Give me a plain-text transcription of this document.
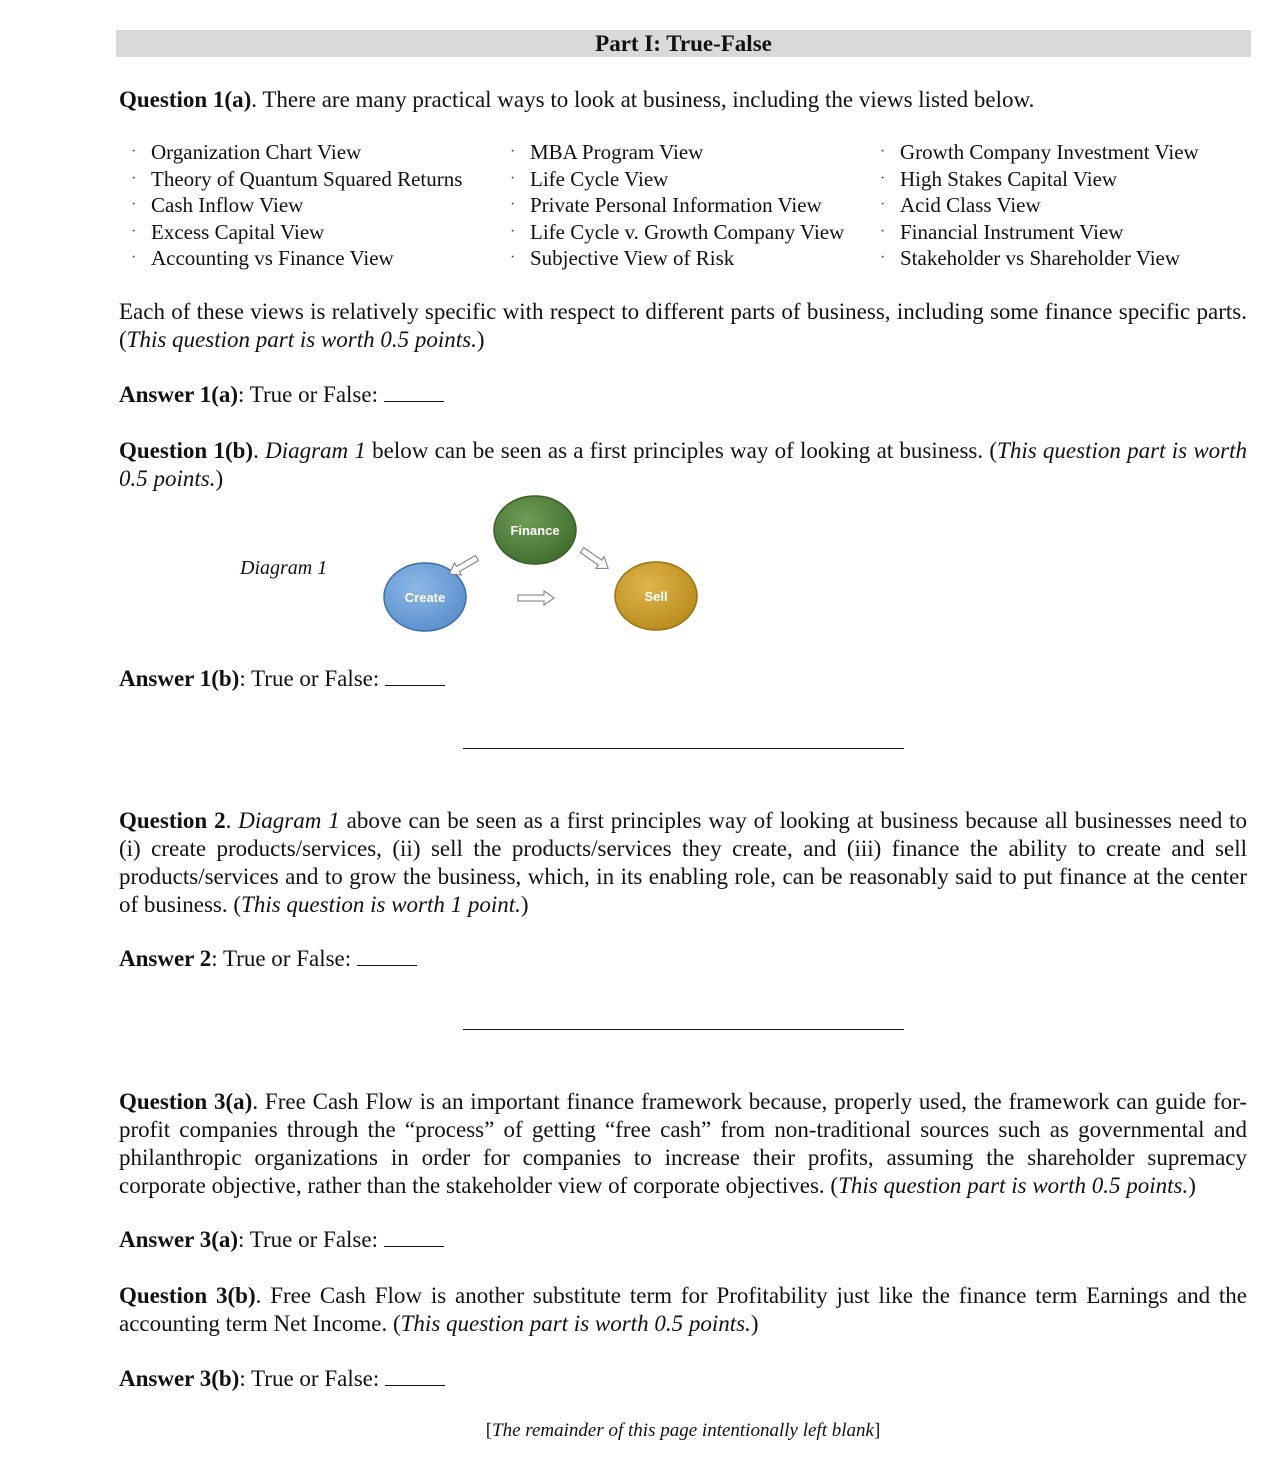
Part I: True-False
Question 1(a). There are many practical ways to look at business, including the views listed below.
· Organization Chart View
· Theory of Quantum Squared Returns
· Cash Inflow View
· Excess Capital View
· Accounting vs Finance View
· MBA Program View
· Life Cycle View
· Private Personal Information View
· Life Cycle v. Growth Company View
· Subjective View of Risk
· Growth Company Investment View
· High Stakes Capital View
· Acid Class View
· Financial Instrument View
· Stakeholder vs Shareholder View
Each of these views is relatively specific with respect to different parts of business, including some finance specific parts. (This question part is worth 0.5 points.)
Answer 1(a): True or False:
Question 1(b). Diagram 1 below can be seen as a first principles way of looking at business. (This question part is worth 0.5 points.)
Diagram 1
Finance
Create	Sell
Answer 1(b): True or False:
Question 2. Diagram 1 above can be seen as a first principles way of looking at business because all businesses need to (i) create products/services, (ii) sell the products/services they create, and (iii) finance the ability to create and sell products/services and to grow the business, which, in its enabling role, can be reasonably said to put finance at the center of business. (This question is worth 1 point.)
Answer 2: True or False:
Question 3(a). Free Cash Flow is an important finance framework because, properly used, the framework can guide for-profit companies through the “process” of getting “free cash” from non-traditional sources such as governmental and philanthropic organizations in order for companies to increase their profits, assuming the shareholder supremacy corporate objective, rather than the stakeholder view of corporate objectives. (This question part is worth 0.5 points.)
Answer 3(a): True or False:
Question 3(b). Free Cash Flow is another substitute term for Profitability just like the finance term Earnings and the accounting term Net Income. (This question part is worth 0.5 points.)
Answer 3(b): True or False:
[The remainder of this page intentionally left blank]
